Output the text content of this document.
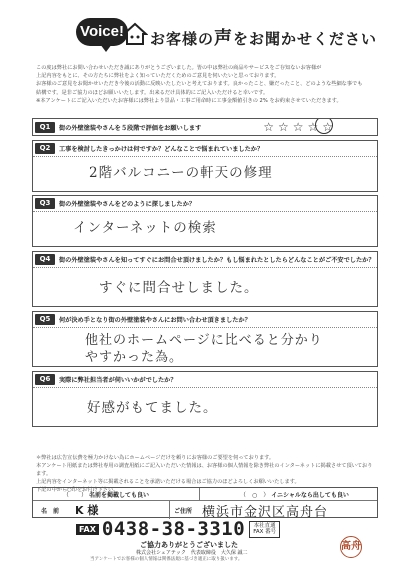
Voice! お客様の声をお聞かせください
この度は弊社にお問い合わせいただき誠にありがとうございました。皆の中は弊社の商品やサービスをご存知ないお客様が
上記内容をもとに、その方たちに弊社をよく知っていただくためのご意見を伺いたいと思っております。
お客様のご意見をお聞かせいただき今後の活動に反映いたしたいと考えております。良かったこと、嫌だったこと、どのような些細な事でも
結構です。是非ご協力のほどお願いいたします。出来るだけ具体的にご記入いただけると幸いです。
※本アンケートにご記入いただいたお客様には弊社より景品・工事ご用命時に工事金額値引きの 2% をお約束させていただきます。
Q1	街の外壁塗装やさんを５段階で評価をお願いします	☆☆☆☆☆
Q2	工事を検討したきっかけは何ですか？どんなことで悩まれていましたか？
2階バルコニーの軒天の修理
Q3	街の外壁塗装やさんをどのように探しましたか？
インターネットの検索
Q4	街の外壁塗装やさんを知ってすぐにお問合せ頂けましたか？もし悩まれたとしたらどんなことがご不安でしたか？
すぐに問合せしました。
Q5	何が決め手となり街の外壁塗装やさんにお問い合わせ頂きましたか？
他社のホームページに比べると分かり
やすかった為。
Q6	実際に弊社担当者が伺いいかがでしたか？
好感がもてました。
＊弊社は広告宣伝費を極力かけない為にホームページだけを頼りにお客様のご要望を伺っております。
本アンケート用紙または弊社専用の調査用紙にご記入いただいた情報は、お客様の個人情報を除き弊社のインターネットに掲載させて頂いております。
上記内容をインターネット等に掲載されることを承諾いただける場合はご協力のほどよろしくお願いいたします。
下記の中から○印をお付け下さい。
（　　） 名前を掲載しても良い	（　○　） イニシャルなら出しても良い
名　前	K 様	ご住所 横浜市金沢区高舟台
FAX 0438-38-3310	本社直通
FAX 番号
ご協力ありがとうございました
株式会社シェアテック　代表取締役　大久保 誠二
当アンケートでお客様の個人情報は関係法規に基づき適正に取り扱います。
高舟
